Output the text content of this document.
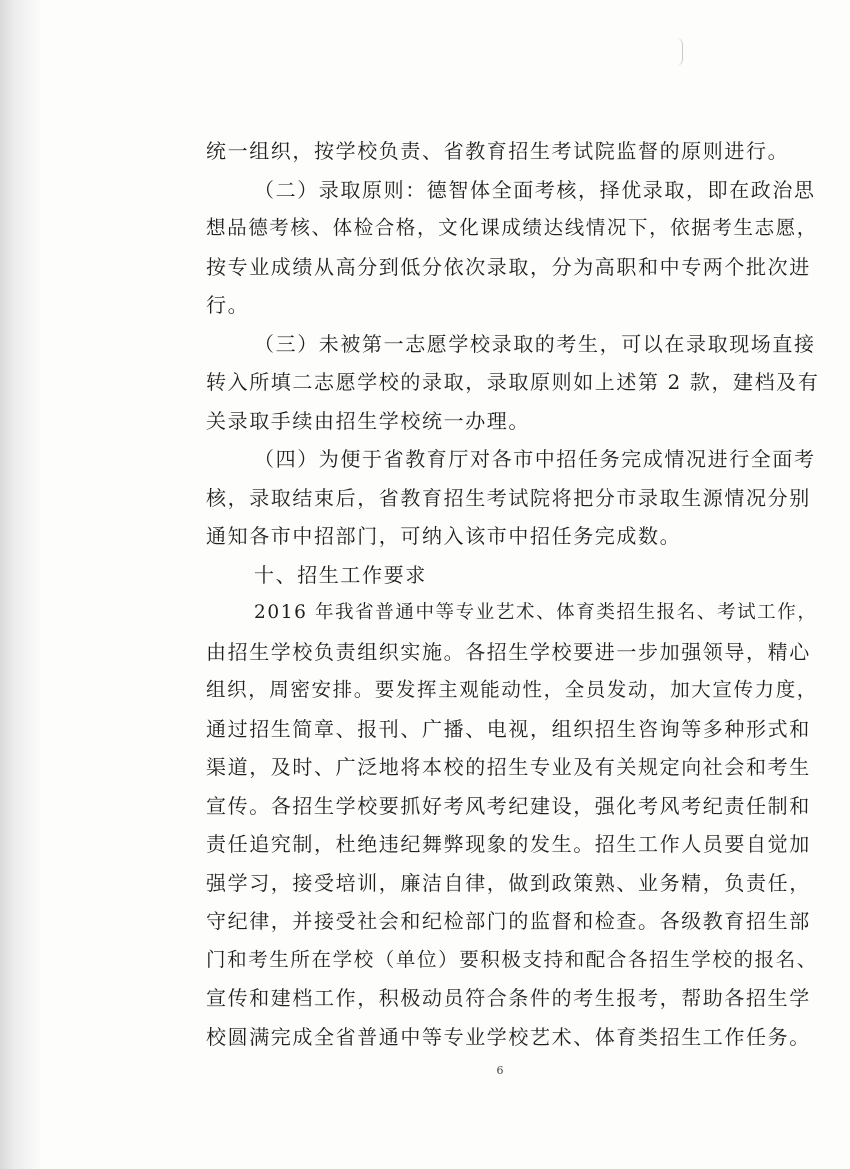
统一组织，按学校负责、省教育招生考试院监督的原则进行。
（二）录取原则：德智体全面考核，择优录取，即在政治思
想品德考核、体检合格，文化课成绩达线情况下，依据考生志愿，
按专业成绩从高分到低分依次录取，分为高职和中专两个批次进
行。
（三）未被第一志愿学校录取的考生，可以在录取现场直接
转入所填二志愿学校的录取，录取原则如上述第 2 款，建档及有
关录取手续由招生学校统一办理。
（四）为便于省教育厅对各市中招任务完成情况进行全面考
核，录取结束后，省教育招生考试院将把分市录取生源情况分别
通知各市中招部门，可纳入该市中招任务完成数。
十、招生工作要求
2016 年我省普通中等专业艺术、体育类招生报名、考试工作，
由招生学校负责组织实施。各招生学校要进一步加强领导，精心
组织，周密安排。要发挥主观能动性，全员发动，加大宣传力度，
通过招生简章、报刊、广播、电视，组织招生咨询等多种形式和
渠道，及时、广泛地将本校的招生专业及有关规定向社会和考生
宣传。各招生学校要抓好考风考纪建设，强化考风考纪责任制和
责任追究制，杜绝违纪舞弊现象的发生。招生工作人员要自觉加
强学习，接受培训，廉洁自律，做到政策熟、业务精，负责任，
守纪律，并接受社会和纪检部门的监督和检查。各级教育招生部
门和考生所在学校（单位）要积极支持和配合各招生学校的报名、
宣传和建档工作，积极动员符合条件的考生报考，帮助各招生学
校圆满完成全省普通中等专业学校艺术、体育类招生工作任务。
6
